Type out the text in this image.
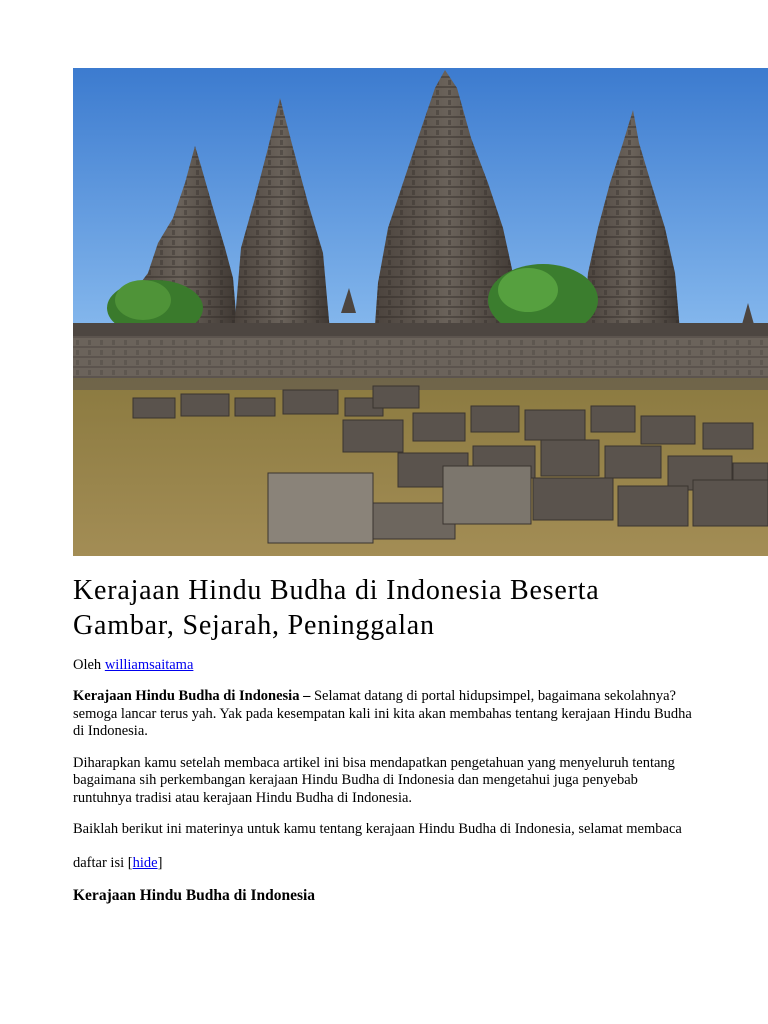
Kerajaan Hindu Budha di Indonesia Beserta Gambar, Sejarah, Peninggalan
Oleh williamsaitama

Kerajaan Hindu Budha di Indonesia – Selamat datang di portal hidupsimpel, bagaimana sekolahnya? semoga lancar terus yah. Yak pada kesempatan kali ini kita akan membahas tentang kerajaan Hindu Budha di Indonesia.

Diharapkan kamu setelah membaca artikel ini bisa mendapatkan pengetahuan yang menyeluruh tentang bagaimana sih perkembangan kerajaan Hindu Budha di Indonesia dan mengetahui juga penyebab runtuhnya tradisi atau kerajaan Hindu Budha di Indonesia.

Baiklah berikut ini materinya untuk kamu tentang kerajaan Hindu Budha di Indonesia, selamat membaca

daftar isi [hide]
Kerajaan Hindu Budha di Indonesia
